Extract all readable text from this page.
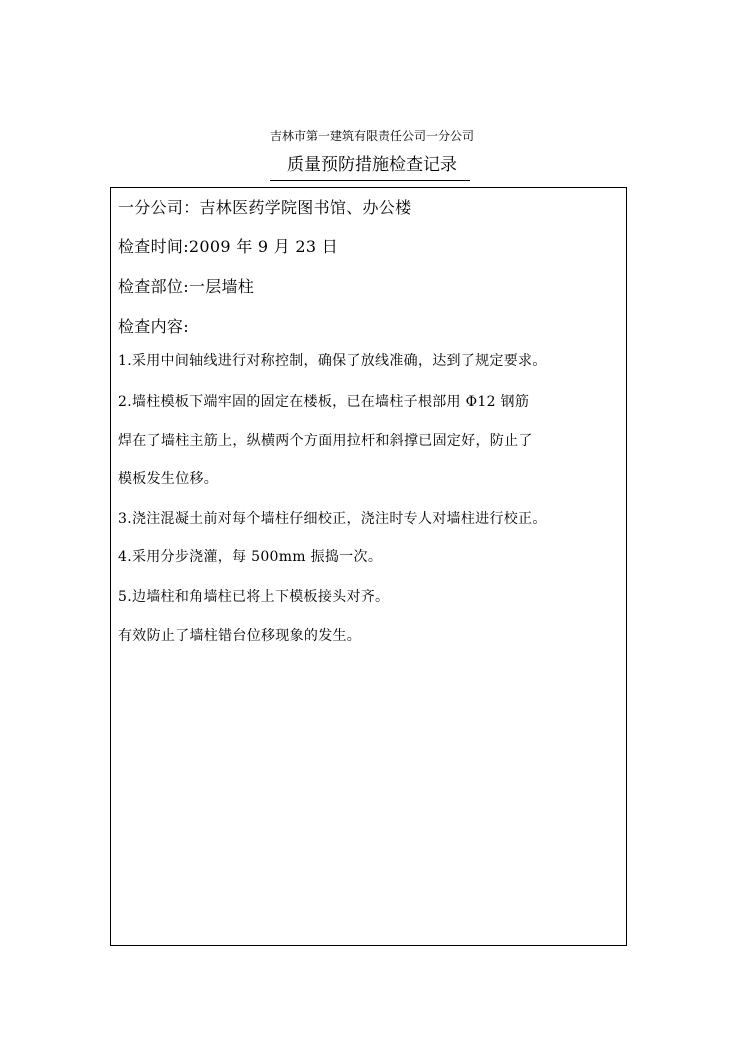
吉林市第一建筑有限责任公司一分公司
质量预防措施检查记录
一分公司：吉林医药学院图书馆、办公楼
检查时间:2009 年 9 月 23 日
检查部位:一层墙柱
检查内容:
1.采用中间轴线进行对称控制，确保了放线准确，达到了规定要求。
2.墙柱模板下端牢固的固定在楼板，已在墙柱子根部用 Φ12 钢筋
焊在了墙柱主筋上，纵横两个方面用拉杆和斜撑已固定好，防止了
模板发生位移。
3.浇注混凝土前对每个墙柱仔细校正，浇注时专人对墙柱进行校正。
4.采用分步浇灌，每 500mm 振捣一次。
5.边墙柱和角墙柱已将上下模板接头对齐。
有效防止了墙柱错台位移现象的发生。
